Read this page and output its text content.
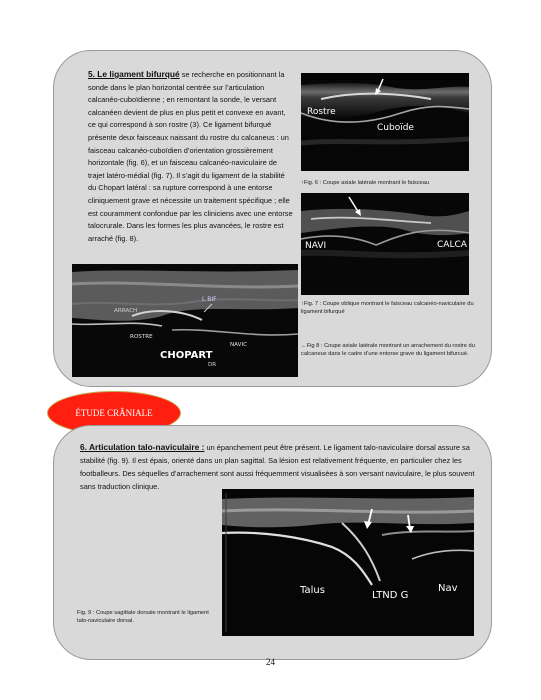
5. Le ligament bifurqué se recherche en positionnant la sonde dans le plan horizontal centrée sur l’articulation calcanéo-cuboïdienne ; en remontant la sonde, le versant calcanéen devient de plus en plus petit et convexe en avant, ce qui correspond à son rostre (3). Ce ligament bifurqué présente deux faisceaux naissant du rostre du calcaneus : un faisceau calcanéo-cuboïdien d’orientation grossièrement horizontale (fig. 6), et un faisceau calcanéo-naviculaire de trajet latéro-médial (fig. 7). Il s’agit du ligament de la stabilité du Chopart latéral : sa rupture correspond à une entorse cliniquement grave et nécessite un traitement spécifique ; elle est couramment confondue par les cliniciens avec une entorse talocrurale. Dans les formes les plus avancées, le rostre est arraché (fig. 8).
Rostre
Cuboïde
↑Fig. 6 : Coupe axiale latérale montrant le faisceau
NAVI	CALCA
↑Fig. 7 : Coupe oblique montrant le faisceau calcanéo-naviculaire du ligament bifurqué
L BIF
ARRACH
ROSTRE
NAVIC
CHOPART
DR
←Fig 8 : Coupe axiale latérale montrant un arrachement du rostre du calcaneus dans le cadre d’une entorse grave du ligament bifurcué.
ÉTUDE CRÂNIALE
6. Articulation talo-naviculaire : un épanchement peut être présent. Le ligament talo-naviculaire dorsal assure sa stabilité (fig. 9). Il est épais, orienté dans un plan sagittal. Sa lésion est relativement fréquente, en particulier chez les footballeurs. Des séquelles d’arrachement sont aussi fréquemment visualisées à son versant naviculaire, le plus souvent sans traduction clinique.
Talus	LTND G
Nav
Fig. 9 : Coupe sagittale dorsale montrant le ligament talo-naviculaire dorsal.
24
